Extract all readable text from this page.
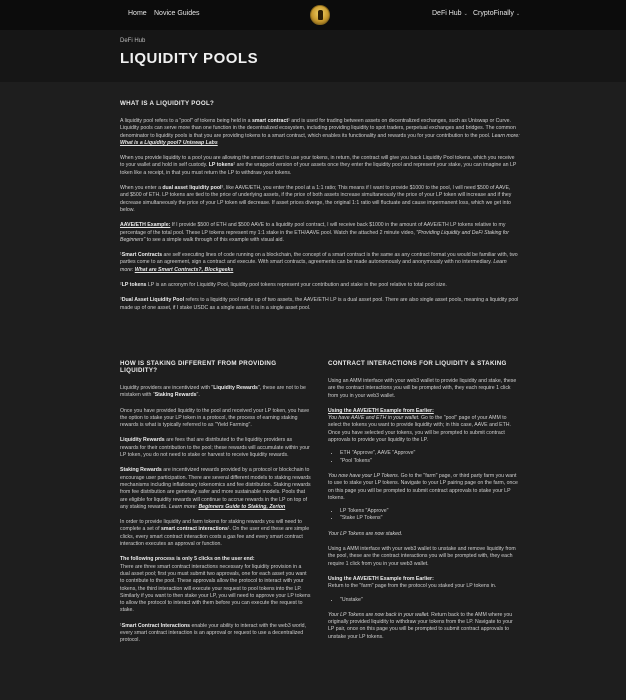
Home Novice Guides	DeFi Hub ⌄ CryptoFinally ⌄
DeFi Hub
LIQUIDITY POOLS
WHAT IS A LIQUIDITY POOL?

A liquidity pool refers to a "pool" of tokens being held in a smart contract¹ and is used for trading between assets on decentralized exchanges, such as Uniswap or Curve. Liquidity pools can serve more than one function in the decentralized ecosystem, including providing liquidity to spot traders, perpetual exchanges and bridges. The common denominator to liquidity pools is that you are providing tokens to a smart contract, which enables its functionality and rewards you for your contribution to the pool. Learn more: What is a Liquidity pool? Uniswap Labs

When you provide liquidity to a pool you are allowing the smart contract to use your tokens, in return, the contract will give you back Liquidity Pool tokens, which you receive to your wallet and hold in self custody. LP tokens² are the wrapped version of your assets once they enter the liquidity pool and represent your stake, you can imagine an LP token like a receipt, in that you must return the LP to withdraw your tokens.

When you enter a dual asset liquidity pool³, like AAVE/ETH, you enter the pool at a 1:1 ratio; This means if I want to provide $1000 to the pool, I will need $500 of AAVE, and $500 of ETH. LP tokens are tied to the price of underlying assets, if the price of both assets increase simultaneously the price of your LP token will increase and if they decrease simultaneously the price of your LP token will decrease. If asset prices diverge, the original 1:1 ratio will fluctuate and cause impermanent loss, which we get into below.

AAVE/ETH Example: If I provide $500 of ETH and $500 AAVE to a liquidity pool contract, I will receive back $1000 in the amount of AAVE/ETH LP tokens relative to my percentage of the total pool. These LP tokens represent my 1:1 stake in the ETH/AAVE pool. Watch the attached 2 minute video, "Providing Liquidity and DeFi Staking for Beginners" to see a simple walk through of this example with visual aid.

¹Smart Contracts are self executing lines of code running on a blockchain, the concept of a smart contract is the same as any contract format you would be familiar with, two parties come to an agreement, sign a contract and execute. With smart contracts, agreements can be made autonomously and anonymously with no intermediary. Learn more: What are Smart Contracts?, Blockgeeks

²LP tokens LP is an acronym for Liquidity Pool, liquidity pool tokens represent your contribution and stake in the pool relative to total pool size.

³Dual Asset Liquidity Pool refers to a liquidity pool made up of two assets, the AAVE/ETH LP is a dual asset pool. There are also single asset pools, meaning a liquidity pool made up of one asset, if I stake USDC as a single asset, it is in a single asset pool.

HOW IS STAKING DIFFERENT FROM PROVIDING LIQUIDITY?

Liquidity providers are incentivized with "Liquidity Rewards", these are not to be mistaken with "Staking Rewards".

Once you have provided liquidity to the pool and received your LP token, you have the option to stake your LP token in a protocol, the process of earning staking rewards is what is typically referred to as "Yield Farming".

Liquidity Rewards are fees that are distributed to the liquidity providers as rewards for their contribution to the pool; these rewards will accumulate within your LP token, you do not need to stake or harvest to receive liquidity rewards.

Staking Rewards are incentivized rewards provided by a protocol or blockchain to encourage user participation. There are several different models to staking rewards mechanisms including inflationary tokenomics and fee distribution. Staking rewards from fee distribution are generally safer and more sustainable models. Pools that are eligible for liquidity rewards will continue to accrue rewards in the LP on top of any staking rewards. Learn more: Beginners Guide to Staking, Zerion

In order to provide liquidity and farm tokens for staking rewards you will need to complete a set of smart contract interactions¹. On the user end these are simple clicks, every smart contract interaction costs a gas fee and every smart contract interaction executes an approval or function.

The following process is only 5 clicks on the user end:
There are three smart contract interactions necessary for liquidity provision in a dual asset pool; first you must submit two approvals, one for each asset you want to contribute to the pool. These approvals allow the protocol to interact with your tokens, the third interaction will execute your request to pool tokens into the LP. Similarly if you want to then stake your LP, you will need to approve your LP tokens to allow the protocol to interact with them before you can execute the request to stake.

¹Smart Contract Interactions enable your ability to interact with the web3 world, every smart contract interaction is an approval or request to use a decentralized protocol.

CONTRACT INTERACTIONS FOR LIQUIDITY & STAKING

Using an AMM interface with your web3 wallet to provide liquidity and stake, these are the contract interactions you will be prompted with, they each require 1 click from you in your web3 wallet.

Using the AAVE/ETH Example from Earlier:
You have AAVE and ETH in your wallet. Go to the "pool" page of your AMM to select the tokens you want to provide liquidity with; in this case, AAVE and ETH. Once you have selected your tokens, you will be prompted to submit contract approvals to provide your liquidity to the LP.

• ETH "Approve", AAVE "Approve"
• "Pool Tokens"

You now have your LP Tokens. Go to the "farm" page, or third party farm you want to use to stake your LP tokens. Navigate to your LP pairing page on the farm, once on this page you will be prompted to submit contract approvals to stake your LP tokens.

• LP Tokens "Approve"
• "Stake LP Tokens"

Your LP Tokens are now staked.

Using a AMM interface with your web3 wallet to unstake and remove liquidity from the pool, these are the contract interactions you will be prompted with, they each require 1 click from you in your web3 wallet.

Using the AAVE/ETH Example from Earlier:
Return to the "farm" page from the protocol you staked your LP tokens in.

• "Unstake"

Your LP Tokens are now back in your wallet. Return back to the AMM where you originally provided liquidity to withdraw your tokens from the LP. Navigate to your LP pair, once on this page you will be prompted to submit contract approvals to unstake your LP tokens.
